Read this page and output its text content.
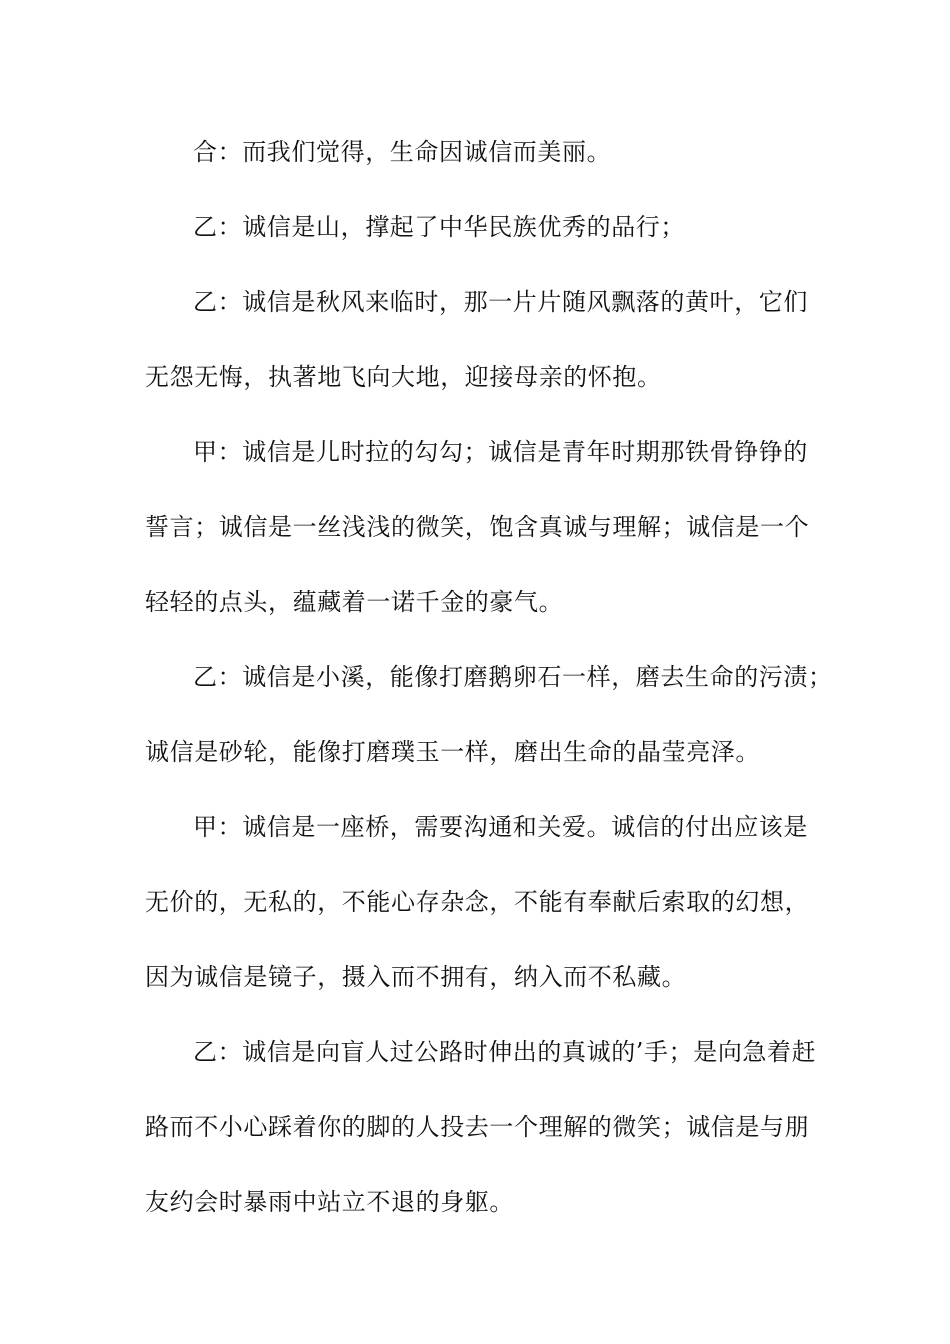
合：而我们觉得，生命因诚信而美丽。
乙：诚信是山，撑起了中华民族优秀的品行；
乙：诚信是秋风来临时，那一片片随风飘落的黄叶，它们
无怨无悔，执著地飞向大地，迎接母亲的怀抱。
甲：诚信是儿时拉的勾勾；诚信是青年时期那铁骨铮铮的
誓言；诚信是一丝浅浅的微笑，饱含真诚与理解；诚信是一个
轻轻的点头，蕴藏着一诺千金的豪气。
乙：诚信是小溪，能像打磨鹅卵石一样，磨去生命的污渍；
诚信是砂轮，能像打磨璞玉一样，磨出生命的晶莹亮泽。
甲：诚信是一座桥，需要沟通和关爱。诚信的付出应该是
无价的，无私的，不能心存杂念，不能有奉献后索取的幻想，
因为诚信是镜子，摄入而不拥有，纳入而不私藏。
乙：诚信是向盲人过公路时伸出的真诚的’手；是向急着赶
路而不小心踩着你的脚的人投去一个理解的微笑；诚信是与朋
友约会时暴雨中站立不退的身躯。
